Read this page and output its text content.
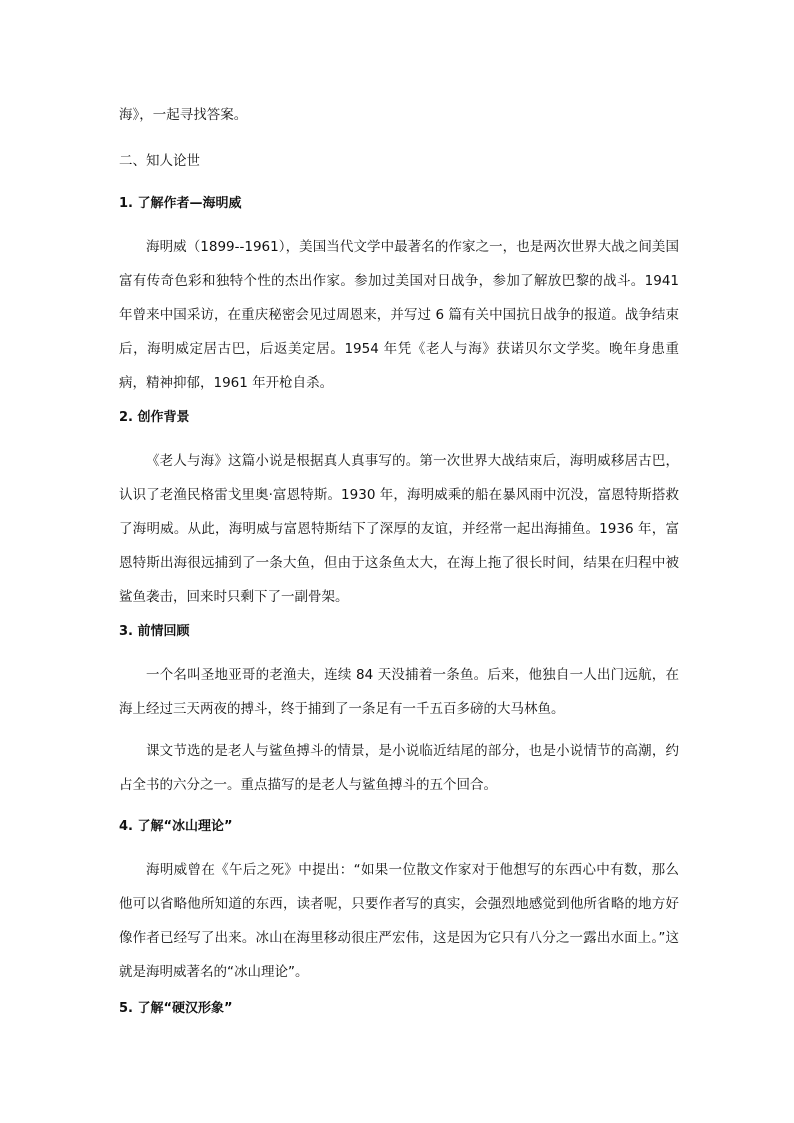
海》，一起寻找答案。

二、知人论世

1. 了解作者—海明威

海明威（1899--1961），美国当代文学中最著名的作家之一，也是两次世界大战之间美国富有传奇色彩和独特个性的杰出作家。参加过美国对日战争，参加了解放巴黎的战斗。1941年曾来中国采访，在重庆秘密会见过周恩来，并写过 6 篇有关中国抗日战争的报道。战争结束后，海明威定居古巴，后返美定居。1954 年凭《老人与海》获诺贝尔文学奖。晚年身患重病，精神抑郁，1961 年开枪自杀。

2. 创作背景

《老人与海》这篇小说是根据真人真事写的。第一次世界大战结束后，海明威移居古巴，认识了老渔民格雷戈里奥·富恩特斯。1930 年，海明威乘的船在暴风雨中沉没，富恩特斯搭救了海明威。从此，海明威与富恩特斯结下了深厚的友谊，并经常一起出海捕鱼。1936 年，富恩特斯出海很远捕到了一条大鱼，但由于这条鱼太大，在海上拖了很长时间，结果在归程中被鲨鱼袭击，回来时只剩下了一副骨架。

3. 前情回顾

一个名叫圣地亚哥的老渔夫，连续 84 天没捕着一条鱼。后来，他独自一人出门远航，在海上经过三天两夜的搏斗，终于捕到了一条足有一千五百多磅的大马林鱼。

课文节选的是老人与鲨鱼搏斗的情景，是小说临近结尾的部分，也是小说情节的高潮，约占全书的六分之一。重点描写的是老人与鲨鱼搏斗的五个回合。

4. 了解“冰山理论”

海明威曾在《午后之死》中提出：“如果一位散文作家对于他想写的东西心中有数，那么他可以省略他所知道的东西，读者呢，只要作者写的真实，会强烈地感觉到他所省略的地方好像作者已经写了出来。冰山在海里移动很庄严宏伟，这是因为它只有八分之一露出水面上。”这就是海明威著名的“冰山理论”。

5. 了解“硬汉形象”
